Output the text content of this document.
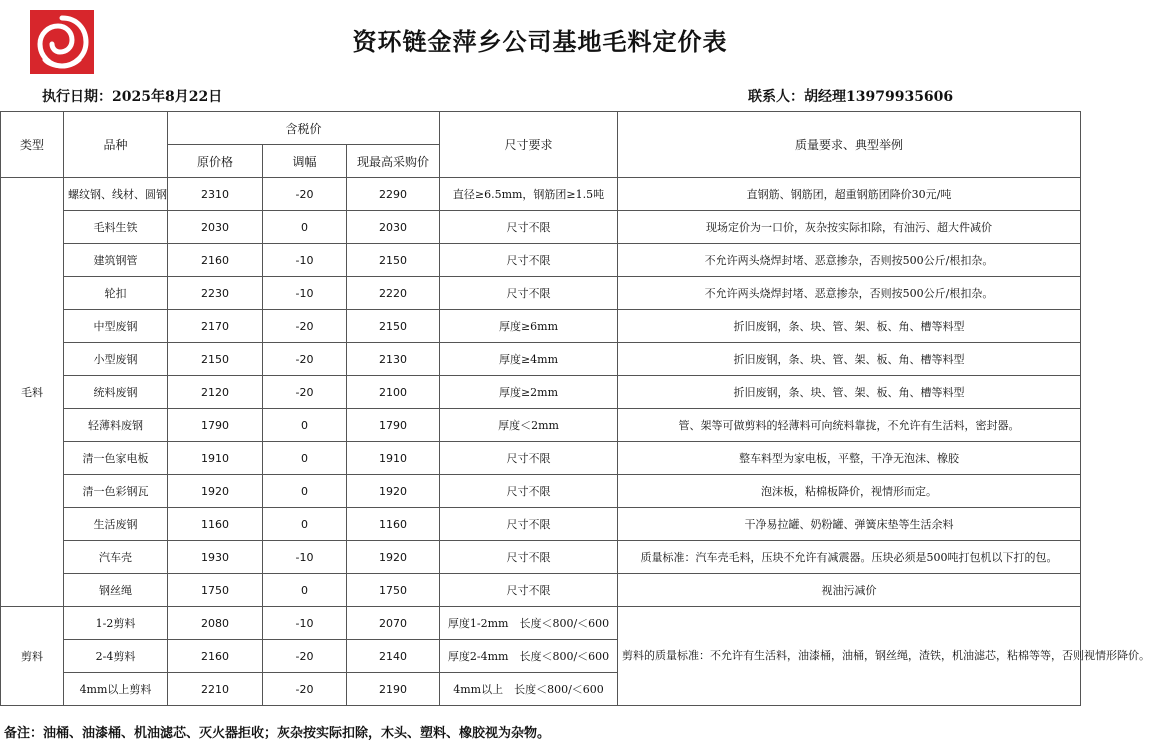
资环链金萍乡公司基地毛料定价表
执行日期：2025年8月22日	联系人：胡经理13979935606
类型	品种	含税价			尺寸要求	质量要求、典型举例
		原价格	调幅	现最高采购价		
毛料	螺纹钢、线材、圆钢	2310	-20	2290	直径≥6.5mm，钢筋团≥1.5吨	直钢筋、钢筋团，超重钢筋团降价30元/吨
	毛料生铁	2030	0	2030	尺寸不限	现场定价为一口价，灰杂按实际扣除，有油污、超大件减价
	建筑钢管	2160	-10	2150	尺寸不限	不允许两头烧焊封堵、恶意掺杂，否则按500公斤/根扣杂。
	轮扣	2230	-10	2220	尺寸不限	不允许两头烧焊封堵、恶意掺杂，否则按500公斤/根扣杂。
	中型废钢	2170	-20	2150	厚度≥6mm	折旧废钢，条、块、管、架、板、角、槽等料型
	小型废钢	2150	-20	2130	厚度≥4mm	折旧废钢，条、块、管、架、板、角、槽等料型
	统料废钢	2120	-20	2100	厚度≥2mm	折旧废钢，条、块、管、架、板、角、槽等料型
	轻薄料废钢	1790	0	1790	厚度＜2mm	管、架等可做剪料的轻薄料可向统料靠拢，不允许有生活料，密封器。
	清一色家电板	1910	0	1910	尺寸不限	整车料型为家电板，平整，干净无泡沫、橡胶
	清一色彩钢瓦	1920	0	1920	尺寸不限	泡沫板，粘棉板降价，视情形而定。
	生活废钢	1160	0	1160	尺寸不限	干净易拉罐、奶粉罐、弹簧床垫等生活余料
	汽车壳	1930	-10	1920	尺寸不限	质量标准：汽车壳毛料，压块不允许有减震器。压块必须是500吨打包机以下打的包。
	钢丝绳	1750	0	1750	尺寸不限	视油污减价
剪料	1-2剪料	2080	-10	2070	厚度1-2mm　长度＜800/＜600	剪料的质量标准：不允许有生活料，油漆桶，油桶，钢丝绳，渣铁，机油滤芯，粘棉等等，否则视情形降价。
	2-4剪料	2160	-20	2140	厚度2-4mm　长度＜800/＜600	
	4mm以上剪料	2210	-20	2190	4mm以上　长度＜800/＜600	
备注：油桶、油漆桶、机油滤芯、灭火器拒收；灰杂按实际扣除，木头、塑料、橡胶视为杂物。
